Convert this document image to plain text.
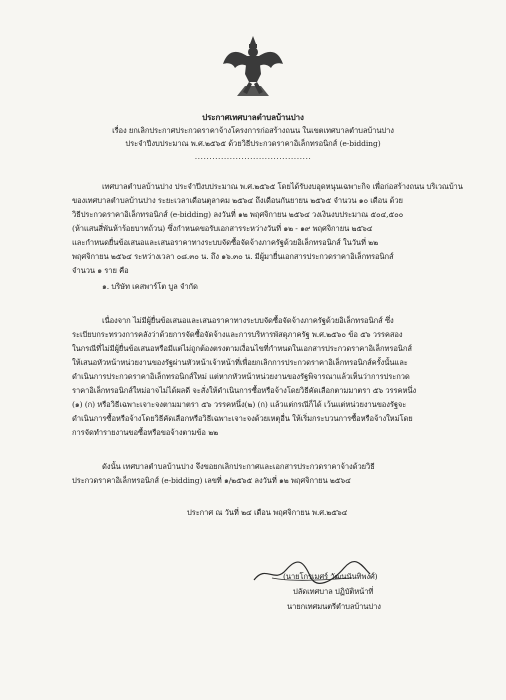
ประกาศเทศบาลตำบลบ้านปาง
เรื่อง ยกเลิกประกาศประกวดราคาจ้างโครงการก่อสร้างถนน ในเขตเทศบาลตำบลบ้านปาง
ประจำปีงบประมาณ พ.ศ.๒๕๖๕ ด้วยวิธีประกวดราคาอิเล็กทรอนิกส์ (e-bidding)
........................................
เทศบาลตำบลบ้านปาง ประจำปีงบประมาณ พ.ศ.๒๕๖๕ โดยได้รับงบอุดหนุนเฉพาะกิจ เพื่อก่อสร้างถนน บริเวณบ้าน
ของเทศบาลตำบลบ้านปาง ระยะเวลาเดือนตุลาคม ๒๕๖๔ ถึงเดือนกันยายน ๒๕๖๕ จำนวน ๑๐ เดือน ด้วย
วิธีประกวดราคาอิเล็กทรอนิกส์ (e-bidding) ลงวันที่ ๑๒ พฤศจิกายน ๒๕๖๔ วงเงินงบประมาณ ๕๐๔,๕๐๐
(ห้าแสนสี่พันห้าร้อยบาทถ้วน) ซึ่งกำหนดขอรับเอกสารระหว่างวันที่ ๑๒ - ๑๙ พฤศจิกายน ๒๕๖๔
และกำหนดยื่นข้อเสนอและเสนอราคาทางระบบจัดซื้อจัดจ้างภาครัฐด้วยอิเล็กทรอนิกส์ ในวันที่ ๒๒
พฤศจิกายน ๒๕๖๔ ระหว่างเวลา ๐๘.๓๐ น. ถึง ๑๖.๓๐ น. มีผู้มายื่นเอกสารประกวดราคาอิเล็กทรอนิกส์
จำนวน ๑ ราย คือ
๑. บริษัท เคสพาร์โต บูล จำกัด
เนื่องจาก ไม่มีผู้ยื่นข้อเสนอและเสนอราคาทางระบบจัดซื้อจัดจ้างภาครัฐด้วยอิเล็กทรอนิกส์ ซึ่ง
ระเบียบกระทรวงการคลังว่าด้วยการจัดซื้อจัดจ้างและการบริหารพัสดุภาครัฐ พ.ศ.๒๕๖๐ ข้อ ๕๖ วรรคสอง
ในกรณีที่ไม่มีผู้ยื่นข้อเสนอหรือมีแต่ไม่ถูกต้องตรงตามเงื่อนไขที่กำหนดในเอกสารประกวดราคาอิเล็กทรอนิกส์
ให้เสนอหัวหน้าหน่วยงานของรัฐผ่านหัวหน้าเจ้าหน้าที่เพื่อยกเลิกการประกวดราคาอิเล็กทรอนิกส์ครั้งนั้นและ
ดำเนินการประกวดราคาอิเล็กทรอนิกส์ใหม่ แต่หากหัวหน้าหน่วยงานของรัฐพิจารณาแล้วเห็นว่าการประกวด
ราคาอิเล็กทรอนิกส์ใหม่อาจไม่ได้ผลดี จะสั่งให้ดำเนินการซื้อหรือจ้างโดยวิธีคัดเลือกตามมาตรา ๕๖ วรรคหนึ่ง
(๑) (ก) หรือวิธีเฉพาะเจาะจงตามมาตรา ๕๖ วรรคหนึ่ง(๒) (ก) แล้วแต่กรณีก็ได้ เว้นแต่หน่วยงานของรัฐจะ
ดำเนินการซื้อหรือจ้างโดยวิธีคัดเลือกหรือวิธีเฉพาะเจาะจงด้วยเหตุอื่น ให้เริ่มกระบวนการซื้อหรือจ้างใหม่โดย
การจัดทำรายงานขอซื้อหรือขอจ้างตามข้อ ๒๒
ดังนั้น เทศบาลตำบลบ้านปาง จึงขอยกเลิกประกาศและเอกสารประกวดราคาจ้างด้วยวิธี
ประกวดราคาอิเล็กทรอนิกส์ (e-bidding) เลขที่ ๑/๒๕๖๕ ลงวันที่ ๑๒ พฤศจิกายน ๒๕๖๔
ประกาศ ณ วันที่ ๒๔ เดือน พฤศจิกายน พ.ศ.๒๕๖๔
(นายโกรเมศร์ วัฒนนันทิพงศ์)
ปลัดเทศบาล ปฏิบัติหน้าที่
นายกเทศมนตรีตำบลบ้านปาง
